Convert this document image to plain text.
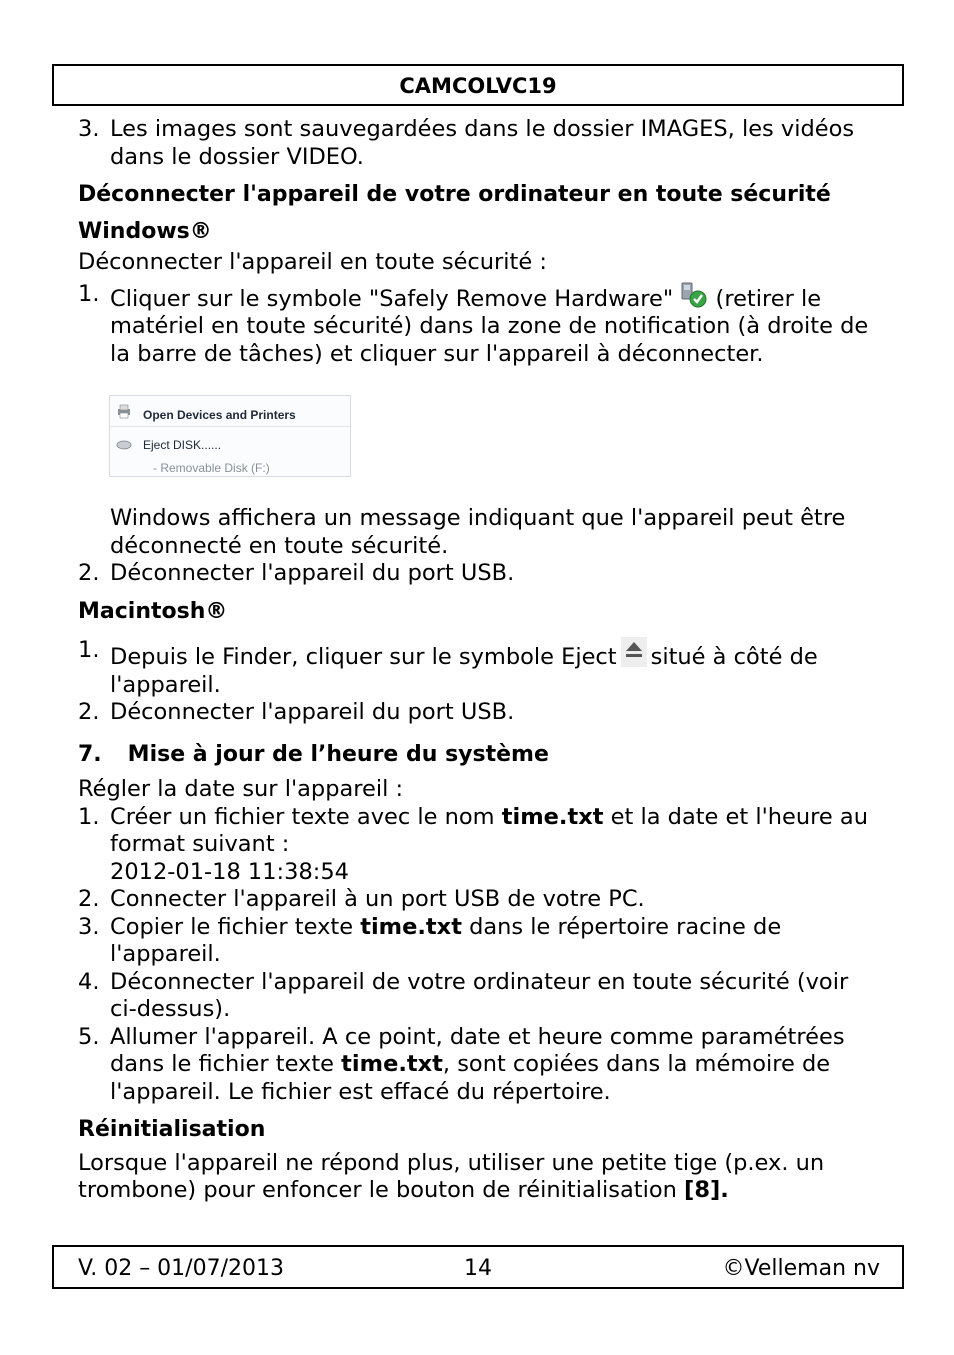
CAMCOLVC19
3. Les images sont sauvegardées dans le dossier IMAGES, les vidéos dans le dossier VIDEO.
Déconnecter l'appareil de votre ordinateur en toute sécurité
Windows®

Déconnecter l'appareil en toute sécurité :

1. Cliquer sur le symbole "Safely Remove Hardware"  (retirer le matériel en toute sécurité) dans la zone de notification (à droite de la barre de tâches) et cliquer sur l'appareil à déconnecter.
Open Devices and Printers
Eject DISK......
- Removable Disk (F:)

Windows affichera un message indiquant que l'appareil peut être déconnecté en toute sécurité.

2. Déconnecter l'appareil du port USB.
Macintosh®
1. Depuis le Finder, cliquer sur le symbole Eject situé à côté de l'appareil.
2. Déconnecter l'appareil du port USB.
7. Mise à jour de l’heure du système

Régler la date sur l'appareil :

1. Créer un fichier texte avec le nom time.txt et la date et l'heure au format suivant :
2012-01-18 11:38:54
2. Connecter l'appareil à un port USB de votre PC.
3. Copier le fichier texte time.txt dans le répertoire racine de l'appareil.
4. Déconnecter l'appareil de votre ordinateur en toute sécurité (voir ci-dessus).
5. Allumer l'appareil. A ce point, date et heure comme paramétrées dans le fichier texte time.txt, sont copiées dans la mémoire de l'appareil. Le fichier est effacé du répertoire.
Réinitialisation

Lorsque l'appareil ne répond plus, utiliser une petite tige (p.ex. un trombone) pour enfoncer le bouton de réinitialisation [8].

V. 02 – 01/07/2013	14	©Velleman nv
